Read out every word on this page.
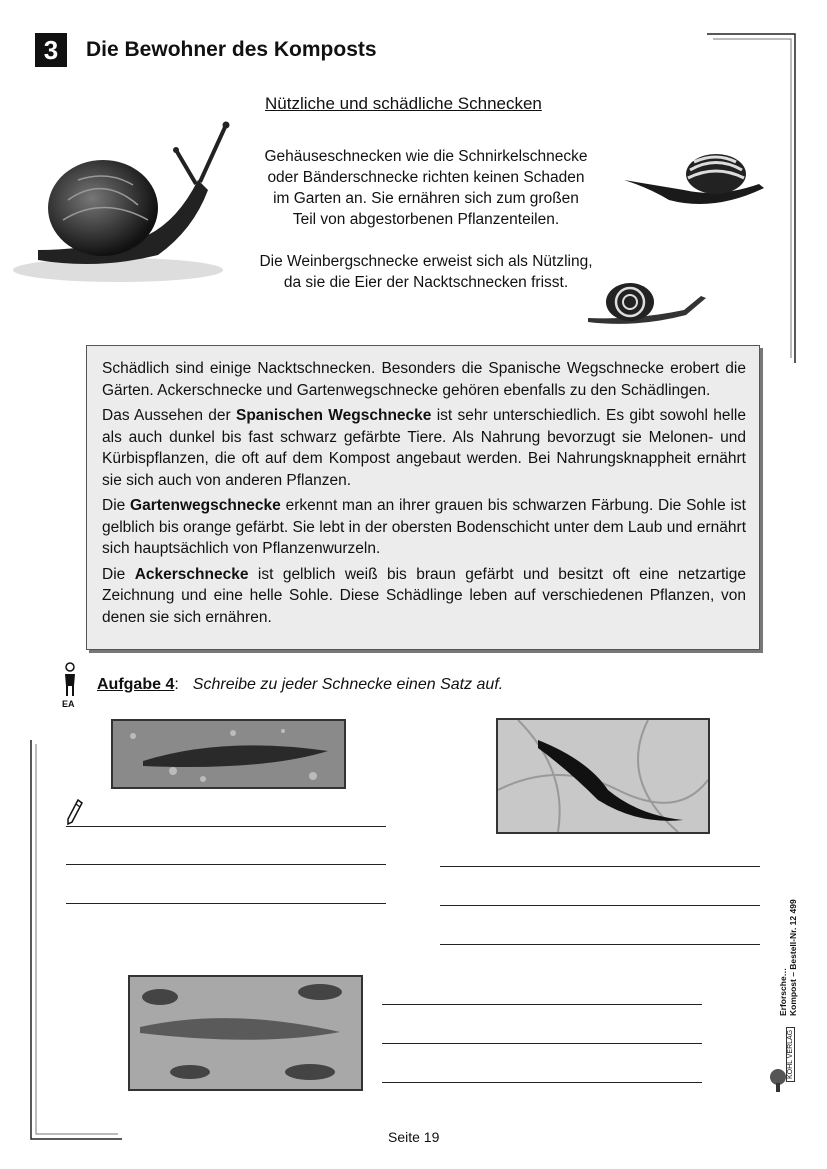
3	Die Bewohner des Komposts
Nützliche und schädliche Schnecken
Gehäuseschnecken wie die Schnirkelschnecke
oder Bänderschnecke richten keinen Schaden
im Garten an. Sie ernähren sich zum großen
Teil von abgestorbenen Pflanzenteilen.
Die Weinbergschnecke erweist sich als Nützling,
da sie die Eier der Nacktschnecken frisst.

Schädlich sind einige Nacktschnecken. Besonders die Spanische Wegschnecke erobert die Gärten. Ackerschnecke und Gartenwegschnecke gehören ebenfalls zu den Schädlingen.

Das Aussehen der Spanischen Wegschnecke ist sehr unterschiedlich. Es gibt sowohl helle als auch dunkel bis fast schwarz gefärbte Tiere. Als Nahrung bevorzugt sie Melonen- und Kürbispflanzen, die oft auf dem Kompost angebaut werden. Bei Nahrungsknappheit ernährt sie sich auch von anderen Pflanzen.

Die Gartenwegschnecke erkennt man an ihrer grauen bis schwarzen Färbung. Die Sohle ist gelblich bis orange gefärbt. Sie lebt in der obersten Bodenschicht unter dem Laub und ernährt sich hauptsächlich von Pflanzenwurzeln.

Die Ackerschnecke ist gelblich weiß bis braun gefärbt und besitzt oft eine netzartige Zeichnung und eine helle Sohle. Diese Schädlinge leben auf verschiedenen Pflanzen, von denen sie sich ernähren.

EA
Aufgabe 4: Schreibe zu jeder Schnecke einen Satz auf.
Erforsche… Kompost – Bestell-Nr. 12 499
KOHL VERLAG
Seite 19
